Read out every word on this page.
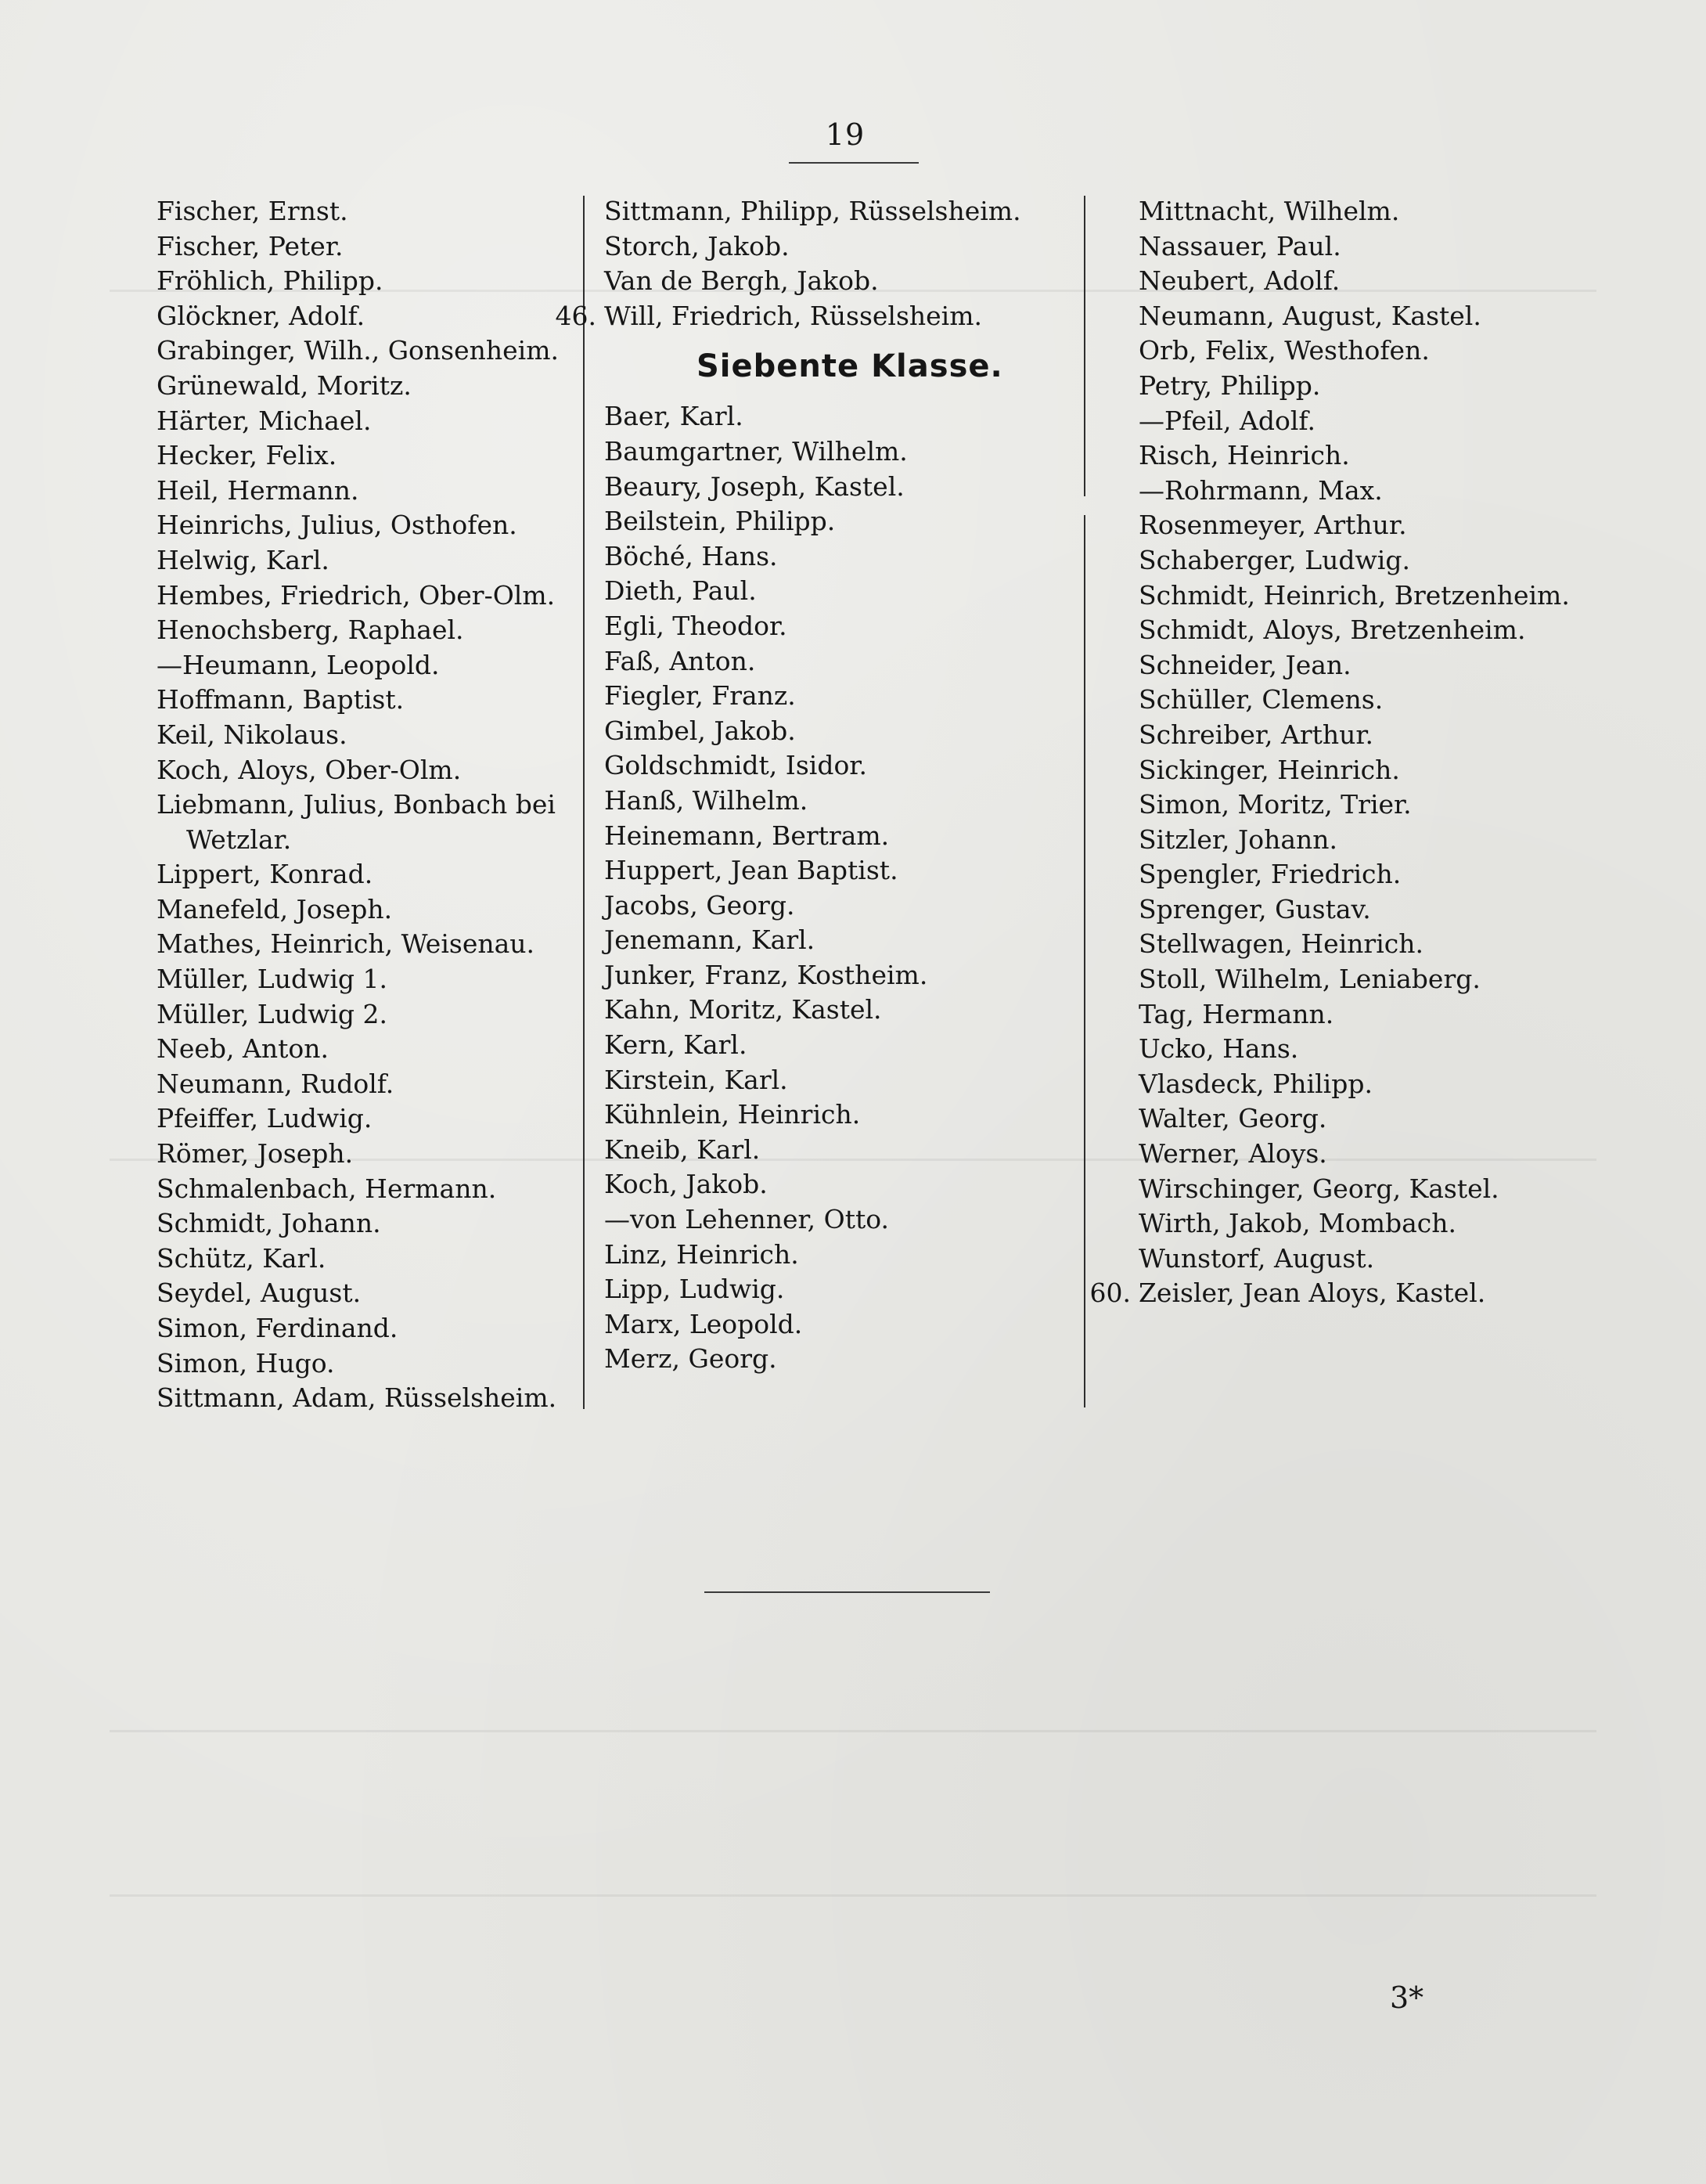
19
Fischer, Ernst.
Fischer, Peter.
Fröhlich, Philipp.
Glöckner, Adolf.
Grabinger, Wilh., Gonsenheim.
Grünewald, Moritz.
Härter, Michael.
Hecker, Felix.
Heil, Hermann.
Heinrichs, Julius, Osthofen.
Helwig, Karl.
Hembes, Friedrich, Ober-Olm.
Henochsberg, Raphael.
—Heumann, Leopold.
Hoffmann, Baptist.
Keil, Nikolaus.
Koch, Aloys, Ober-Olm.
Liebmann, Julius, Bonbach bei
Wetzlar.
Lippert, Konrad.
Manefeld, Joseph.
Mathes, Heinrich, Weisenau.
Müller, Ludwig 1.
Müller, Ludwig 2.
Neeb, Anton.
Neumann, Rudolf.
Pfeiffer, Ludwig.
Römer, Joseph.
Schmalenbach, Hermann.
Schmidt, Johann.
Schütz, Karl.
Seydel, August.
Simon, Ferdinand.
Simon, Hugo.
Sittmann, Adam, Rüsselsheim.
Sittmann, Philipp, Rüsselsheim.
Storch, Jakob.
Van de Bergh, Jakob.
46. Will, Friedrich, Rüsselsheim.
Siebente Klasse.
Baer, Karl.
Baumgartner, Wilhelm.
Beaury, Joseph, Kastel.
Beilstein, Philipp.
Böché, Hans.
Dieth, Paul.
Egli, Theodor.
Faß, Anton.
Fiegler, Franz.
Gimbel, Jakob.
Goldschmidt, Isidor.
Hanß, Wilhelm.
Heinemann, Bertram.
Huppert, Jean Baptist.
Jacobs, Georg.
Jenemann, Karl.
Junker, Franz, Kostheim.
Kahn, Moritz, Kastel.
Kern, Karl.
Kirstein, Karl.
Kühnlein, Heinrich.
Kneib, Karl.
Koch, Jakob.
—von Lehenner, Otto.
Linz, Heinrich.
Lipp, Ludwig.
Marx, Leopold.
Merz, Georg.
Mittnacht, Wilhelm.
Nassauer, Paul.
Neubert, Adolf.
Neumann, August, Kastel.
Orb, Felix, Westhofen.
Petry, Philipp.
—Pfeil, Adolf.
Risch, Heinrich.
—Rohrmann, Max.
Rosenmeyer, Arthur.
Schaberger, Ludwig.
Schmidt, Heinrich, Bretzenheim.
Schmidt, Aloys, Bretzenheim.
Schneider, Jean.
Schüller, Clemens.
Schreiber, Arthur.
Sickinger, Heinrich.
Simon, Moritz, Trier.
Sitzler, Johann.
Spengler, Friedrich.
Sprenger, Gustav.
Stellwagen, Heinrich.
Stoll, Wilhelm, Leniaberg.
Tag, Hermann.
Ucko, Hans.
Vlasdeck, Philipp.
Walter, Georg.
Werner, Aloys.
Wirschinger, Georg, Kastel.
Wirth, Jakob, Mombach.
Wunstorf, August.
60. Zeisler, Jean Aloys, Kastel.
3*
